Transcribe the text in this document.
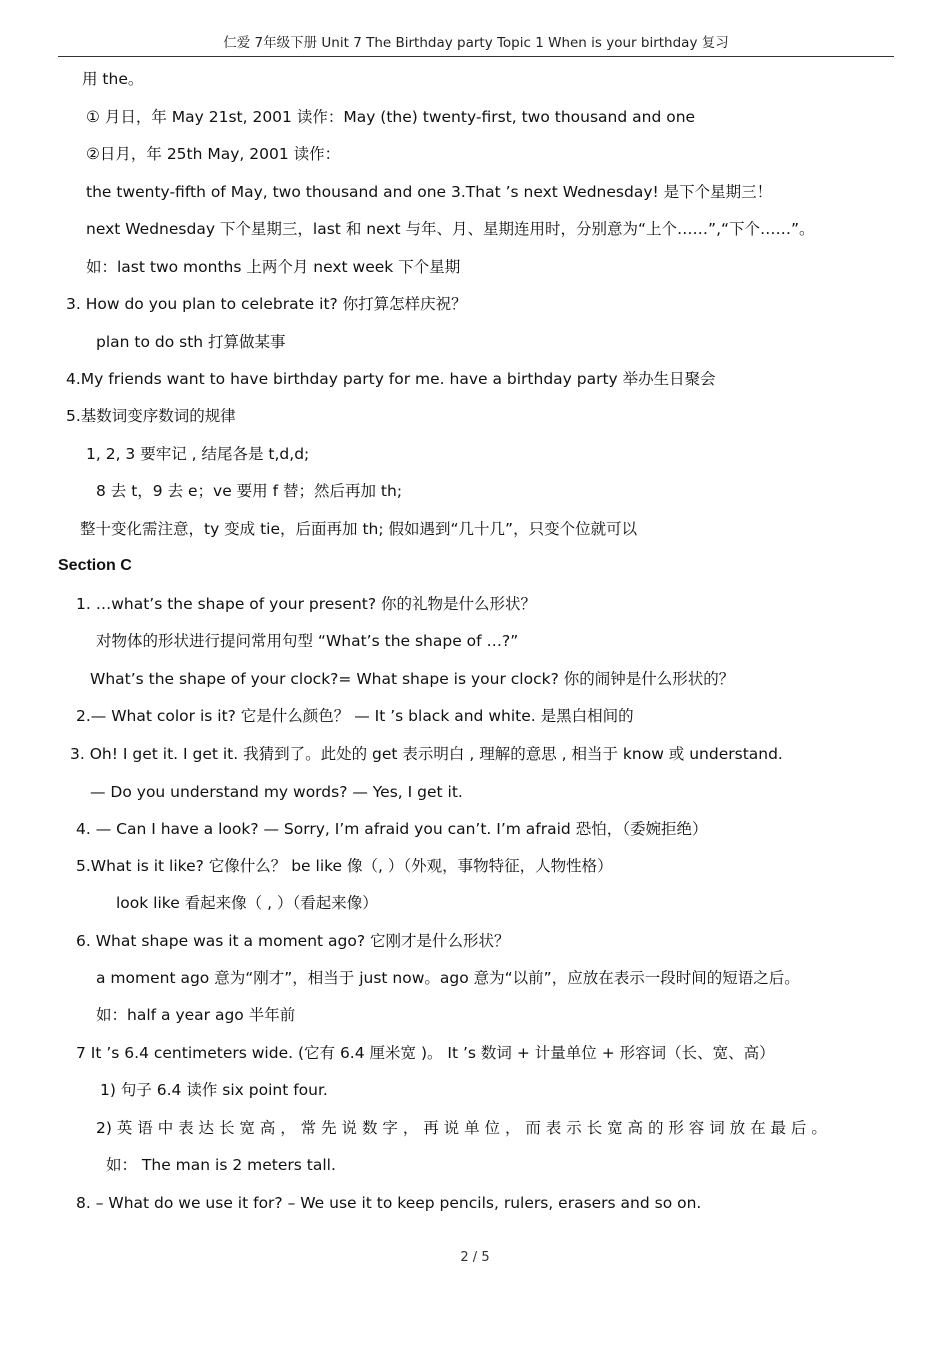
仁爱 7年级下册 Unit 7 The Birthday party Topic 1 When is your birthday 复习
用 the。
① 月日，年 May 21st, 2001 读作：May (the) twenty-first, two thousand and one
②日月，年 25th May, 2001 读作：
the twenty-fifth of May, two thousand and one 3.That ’s next Wednesday! 是下个星期三！
next Wednesday 下个星期三，last 和 next 与年、月、星期连用时，分别意为“上个……”,“下个……”。
如：last two months 上两个月 next week 下个星期
3. How do you plan to celebrate it? 你打算怎样庆祝？
plan to do sth 打算做某事
4.My friends want to have birthday party for me. have a birthday party 举办生日聚会
5.基数词变序数词的规律
1, 2, 3 要牢记 , 结尾各是 t,d,d;
8 去 t，9 去 e；ve 要用 f 替；然后再加 th;
整十变化需注意，ty 变成 tie，后面再加 th; 假如遇到“几十几”，只变个位就可以
Section C
1. …what’s the shape of your present? 你的礼物是什么形状？
对物体的形状进行提问常用句型 “What’s the shape of …?”
What’s the shape of your clock?= What shape is your clock? 你的闹钟是什么形状的？
2.— What color is it? 它是什么颜色？ — It ’s black and white. 是黑白相间的
3. Oh! I get it. I get it. 我猜到了。此处的 get 表示明白 , 理解的意思 , 相当于 know 或 understand.
— Do you understand my words? — Yes, I get it.
4. — Can I have a look? — Sorry, I’m afraid you can’t. I’m afraid 恐怕，（委婉拒绝）
5.What is it like? 它像什么？ be like 像（, ）（外观，事物特征，人物性格）
look like 看起来像（ , ）（看起来像）
6. What shape was it a moment ago? 它刚才是什么形状？
a moment ago 意为“刚才”，相当于 just now。ago 意为“以前”，应放在表示一段时间的短语之后。
如：half a year ago 半年前
7 It ’s 6.4 centimeters wide. (它有 6.4 厘米宽 )。 It ’s 数词 + 计量单位 + 形容词（长、宽、高）
1) 句子 6.4 读作 six point four.
2) 英 语 中 表 达 长 宽 高 ， 常 先 说 数 字 ， 再 说 单 位 ， 而 表 示 长 宽 高 的 形 容 词 放 在 最 后 。
如： The man is 2 meters tall.
8. – What do we use it for? – We use it to keep pencils, rulers, erasers and so on.
2 / 5
